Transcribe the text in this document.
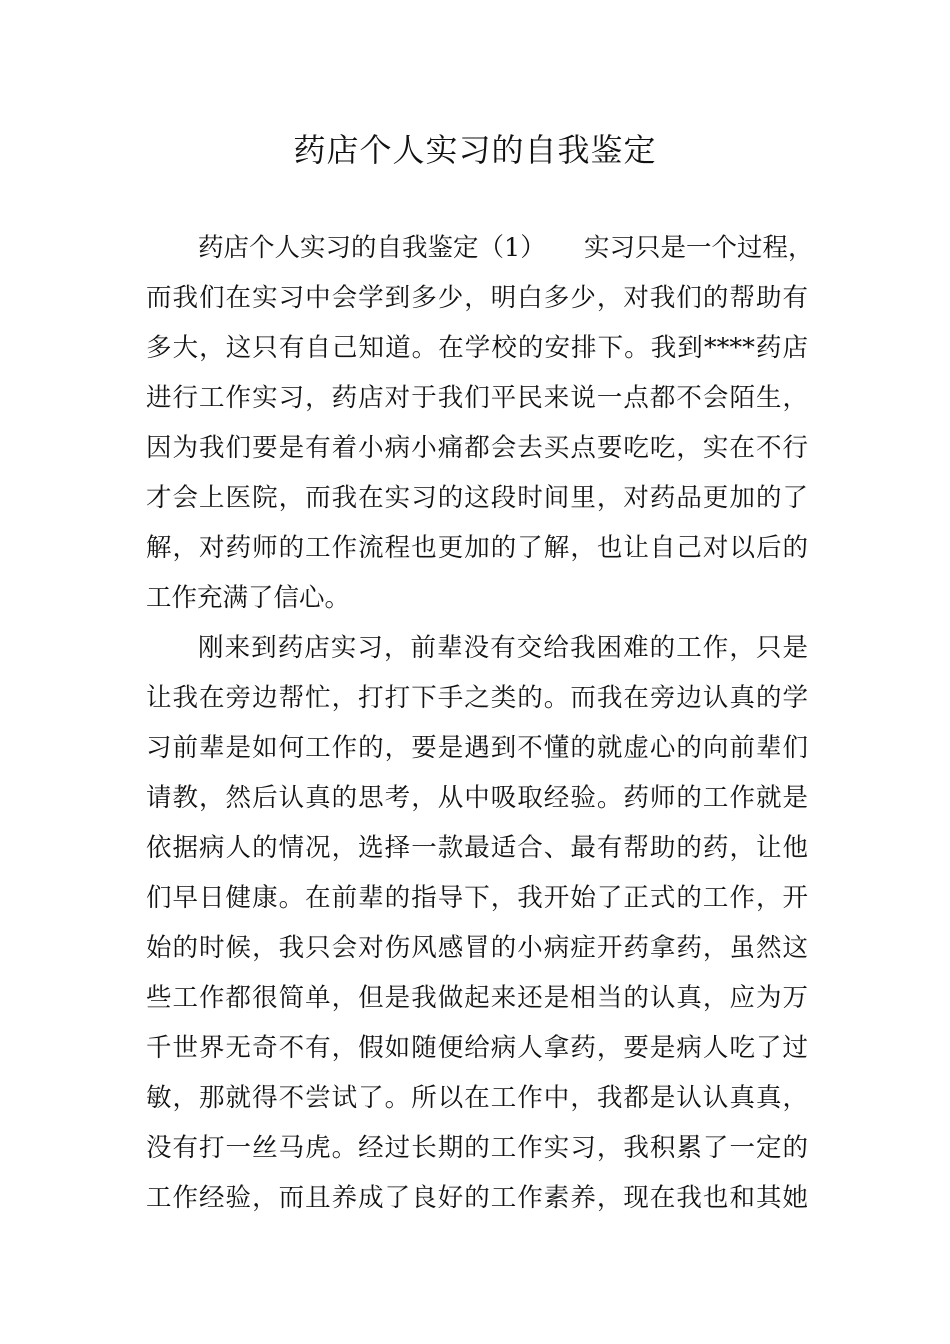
药店个人实习的自我鉴定
药店个人实习的自我鉴定（1）　　实习只是一个过程，
而我们在实习中会学到多少，明白多少，对我们的帮助有
多大，这只有自己知道。在学校的安排下。我到****药店
进行工作实习，药店对于我们平民来说一点都不会陌生，
因为我们要是有着小病小痛都会去买点要吃吃，实在不行
才会上医院，而我在实习的这段时间里，对药品更加的了
解，对药师的工作流程也更加的了解，也让自己对以后的
工作充满了信心。
刚来到药店实习，前辈没有交给我困难的工作，只是
让我在旁边帮忙，打打下手之类的。而我在旁边认真的学
习前辈是如何工作的，要是遇到不懂的就虚心的向前辈们
请教，然后认真的思考，从中吸取经验。药师的工作就是
依据病人的情况，选择一款最适合、最有帮助的药，让他
们早日健康。在前辈的指导下，我开始了正式的工作，开
始的时候，我只会对伤风感冒的小病症开药拿药，虽然这
些工作都很简单，但是我做起来还是相当的认真，应为万
千世界无奇不有，假如随便给病人拿药，要是病人吃了过
敏，那就得不尝试了。所以在工作中，我都是认认真真，
没有打一丝马虎。经过长期的工作实习，我积累了一定的
工作经验，而且养成了良好的工作素养，现在我也和其她
